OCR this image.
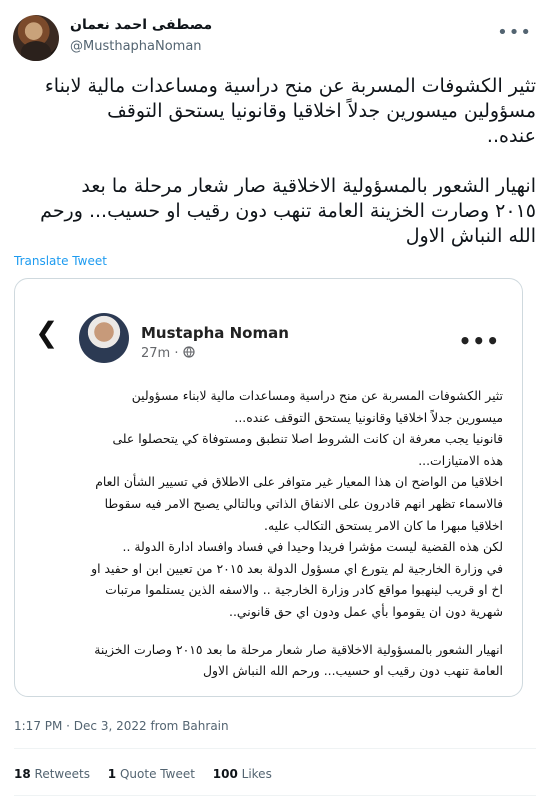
مصطفى احمد نعمان
@MusthaphaNoman
•••
تثير الكشوفات المسربة عن منح دراسية ومساعدات مالية لابناء
مسؤولين ميسورين جدلاً اخلاقيا وقانونيا يستحق التوقف
عنده..

انهيار الشعور بالمسؤولية الاخلاقية صار شعار مرحلة ما بعد
٢٠١٥ وصارت الخزينة العامة تنهب دون رقيب او حسيب... ورحم
الله النباش الاول
Translate Tweet
❮	Mustapha Noman
27m ·
•••

تثير الكشوفات المسربة عن منح دراسية ومساعدات مالية لابناء مسؤولين
ميسورين جدلاً اخلاقيا وقانونيا يستحق التوقف عنده...
قانونيا يجب معرفة ان كانت الشروط اصلا تنطبق ومستوفاة كي يتحصلوا على
هذه الامتيازات...
اخلاقيا من الواضح ان هذا المعيار غير متوافر على الاطلاق في تسيير الشأن العام
فالاسماء تظهر انهم قادرون على الانفاق الذاتي وبالتالي يصبح الامر فيه سقوطا
اخلاقيا مبهرا ما كان الامر يستحق التكالب عليه.
لكن هذه القضية ليست مؤشرا فريدا وحيدا في فساد وافساد ادارة الدولة ..
في وزارة الخارجية لم يتورع اي مسؤول الدولة بعد ٢٠١٥ من تعيين ابن او حفيد او
اخ او قريب لينهبوا مواقع كادر وزارة الخارجية .. والاسفه الذين يستلموا مرتبات
شهرية دون ان يقوموا بأي عمل ودون اي حق قانوني..

انهيار الشعور بالمسؤولية الاخلاقية صار شعار مرحلة ما بعد ٢٠١٥ وصارت الخزينة
العامة تنهب دون رقيب او حسيب... ورحم الله النباش الاول

1:17 PM · Dec 3, 2022 from Bahrain
18 Retweets 1 Quote Tweet 100 Likes
